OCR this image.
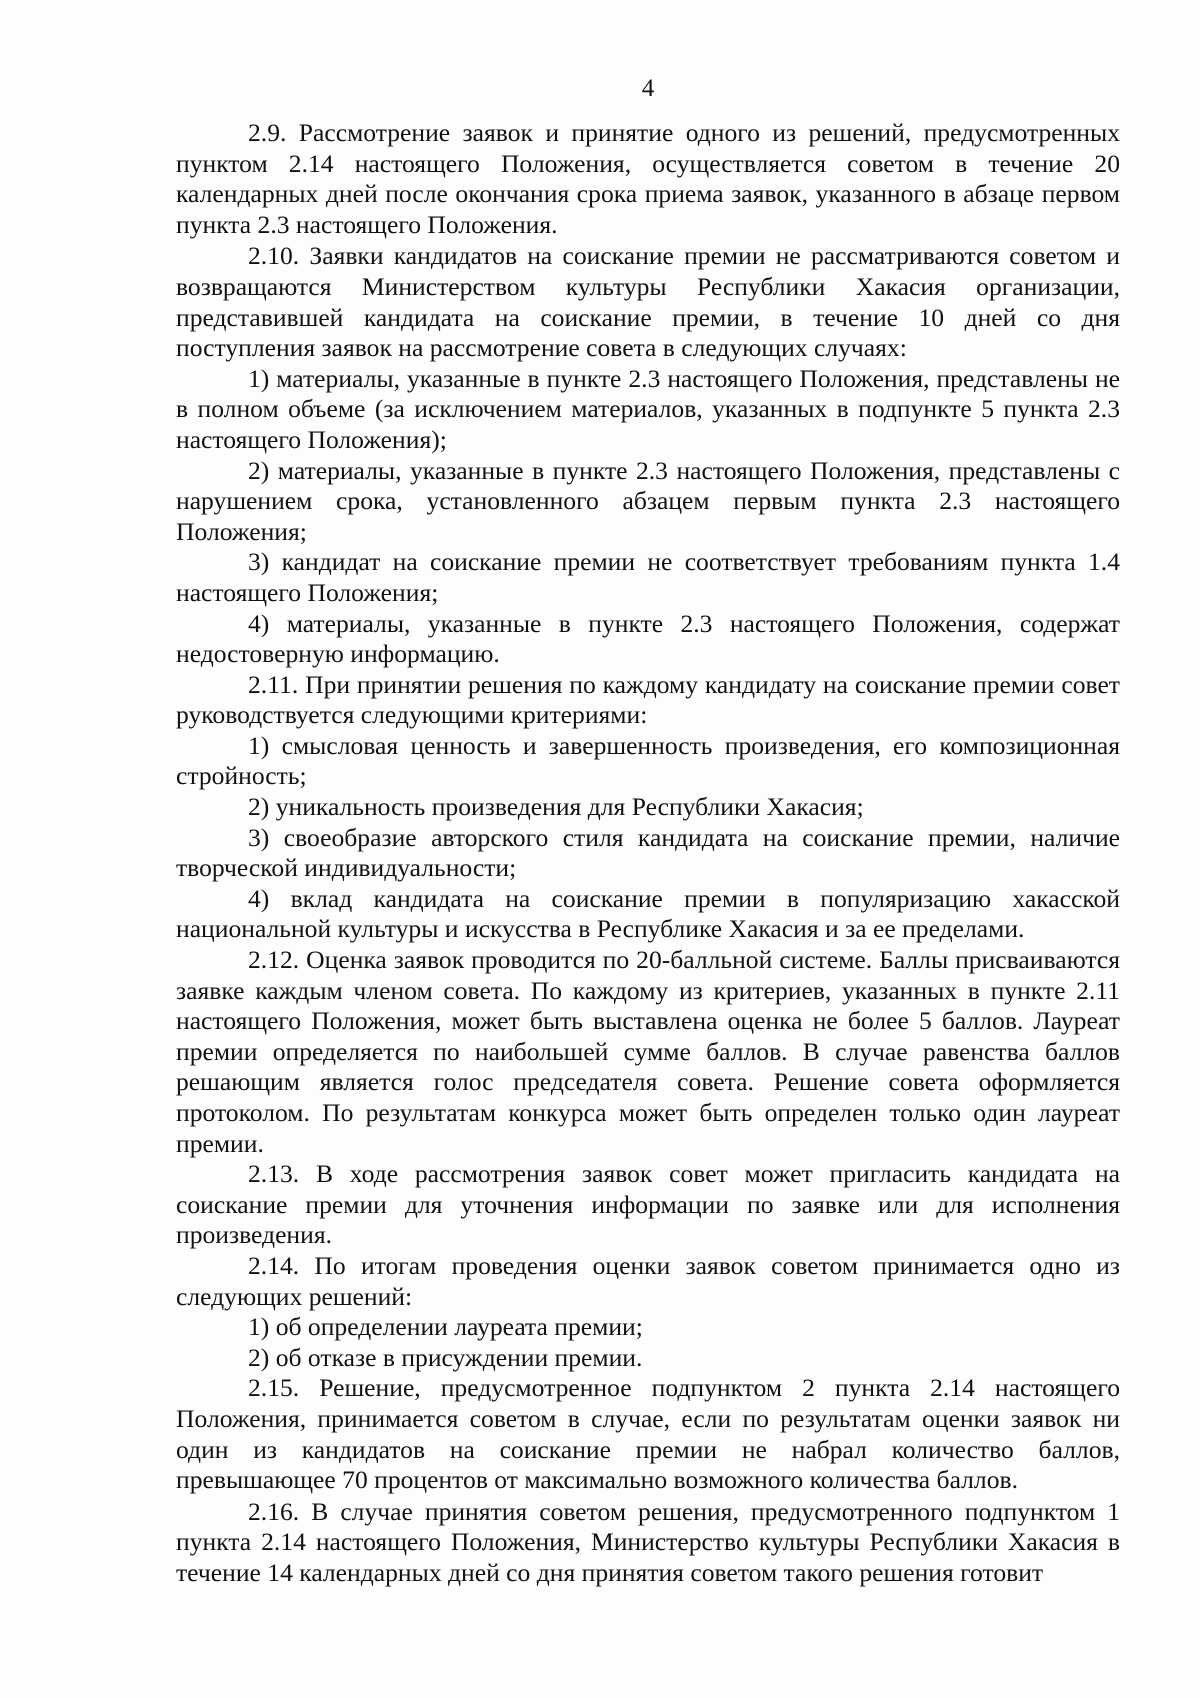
4

2.9. Рассмотрение заявок и принятие одного из решений, предусмотренных пунктом 2.14 настоящего Положения, осуществляется советом в течение 20 календарных дней после окончания срока приема заявок, указанного в абзаце первом пункта 2.3 настоящего Положения.

2.10. Заявки кандидатов на соискание премии не рассматриваются советом и возвращаются Министерством культуры Республики Хакасия организации, представившей кандидата на соискание премии, в течение 10 дней со дня поступления заявок на рассмотрение совета в следующих случаях:

1) материалы, указанные в пункте 2.3 настоящего Положения, представлены не в полном объеме (за исключением материалов, указанных в подпункте 5 пункта 2.3 настоящего Положения);

2) материалы, указанные в пункте 2.3 настоящего Положения, представлены с нарушением срока, установленного абзацем первым пункта 2.3 настоящего Положения;

3) кандидат на соискание премии не соответствует требованиям пункта 1.4 настоящего Положения;

4) материалы, указанные в пункте 2.3 настоящего Положения, содержат недостоверную информацию.

2.11. При принятии решения по каждому кандидату на соискание премии совет руководствуется следующими критериями:

1) смысловая ценность и завершенность произведения, его композиционная стройность;

2) уникальность произведения для Республики Хакасия;

3) своеобразие авторского стиля кандидата на соискание премии, наличие творческой индивидуальности;

4) вклад кандидата на соискание премии в популяризацию хакасской национальной культуры и искусства в Республике Хакасия и за ее пределами.

2.12. Оценка заявок проводится по 20-балльной системе. Баллы присваиваются заявке каждым членом совета. По каждому из критериев, указанных в пункте 2.11 настоящего Положения, может быть выставлена оценка не более 5 баллов. Лауреат премии определяется по наибольшей сумме баллов. В случае равенства баллов решающим является голос председателя совета. Решение совета оформляется протоколом. По результатам конкурса может быть определен только один лауреат премии.

2.13. В ходе рассмотрения заявок совет может пригласить кандидата на соискание премии для уточнения информации по заявке или для исполнения произведения.

2.14. По итогам проведения оценки заявок советом принимается одно из следующих решений:

1) об определении лауреата премии;

2) об отказе в присуждении премии.

2.15. Решение, предусмотренное подпунктом 2 пункта 2.14 настоящего Положения, принимается советом в случае, если по результатам оценки заявок ни один из кандидатов на соискание премии не набрал количество баллов, превышающее 70 процентов от максимально возможного количества баллов.

2.16. В случае принятия советом решения, предусмотренного подпунктом 1 пункта 2.14 настоящего Положения, Министерство культуры Республики Хакасия в течение 14 календарных дней со дня принятия советом такого решения готовит
